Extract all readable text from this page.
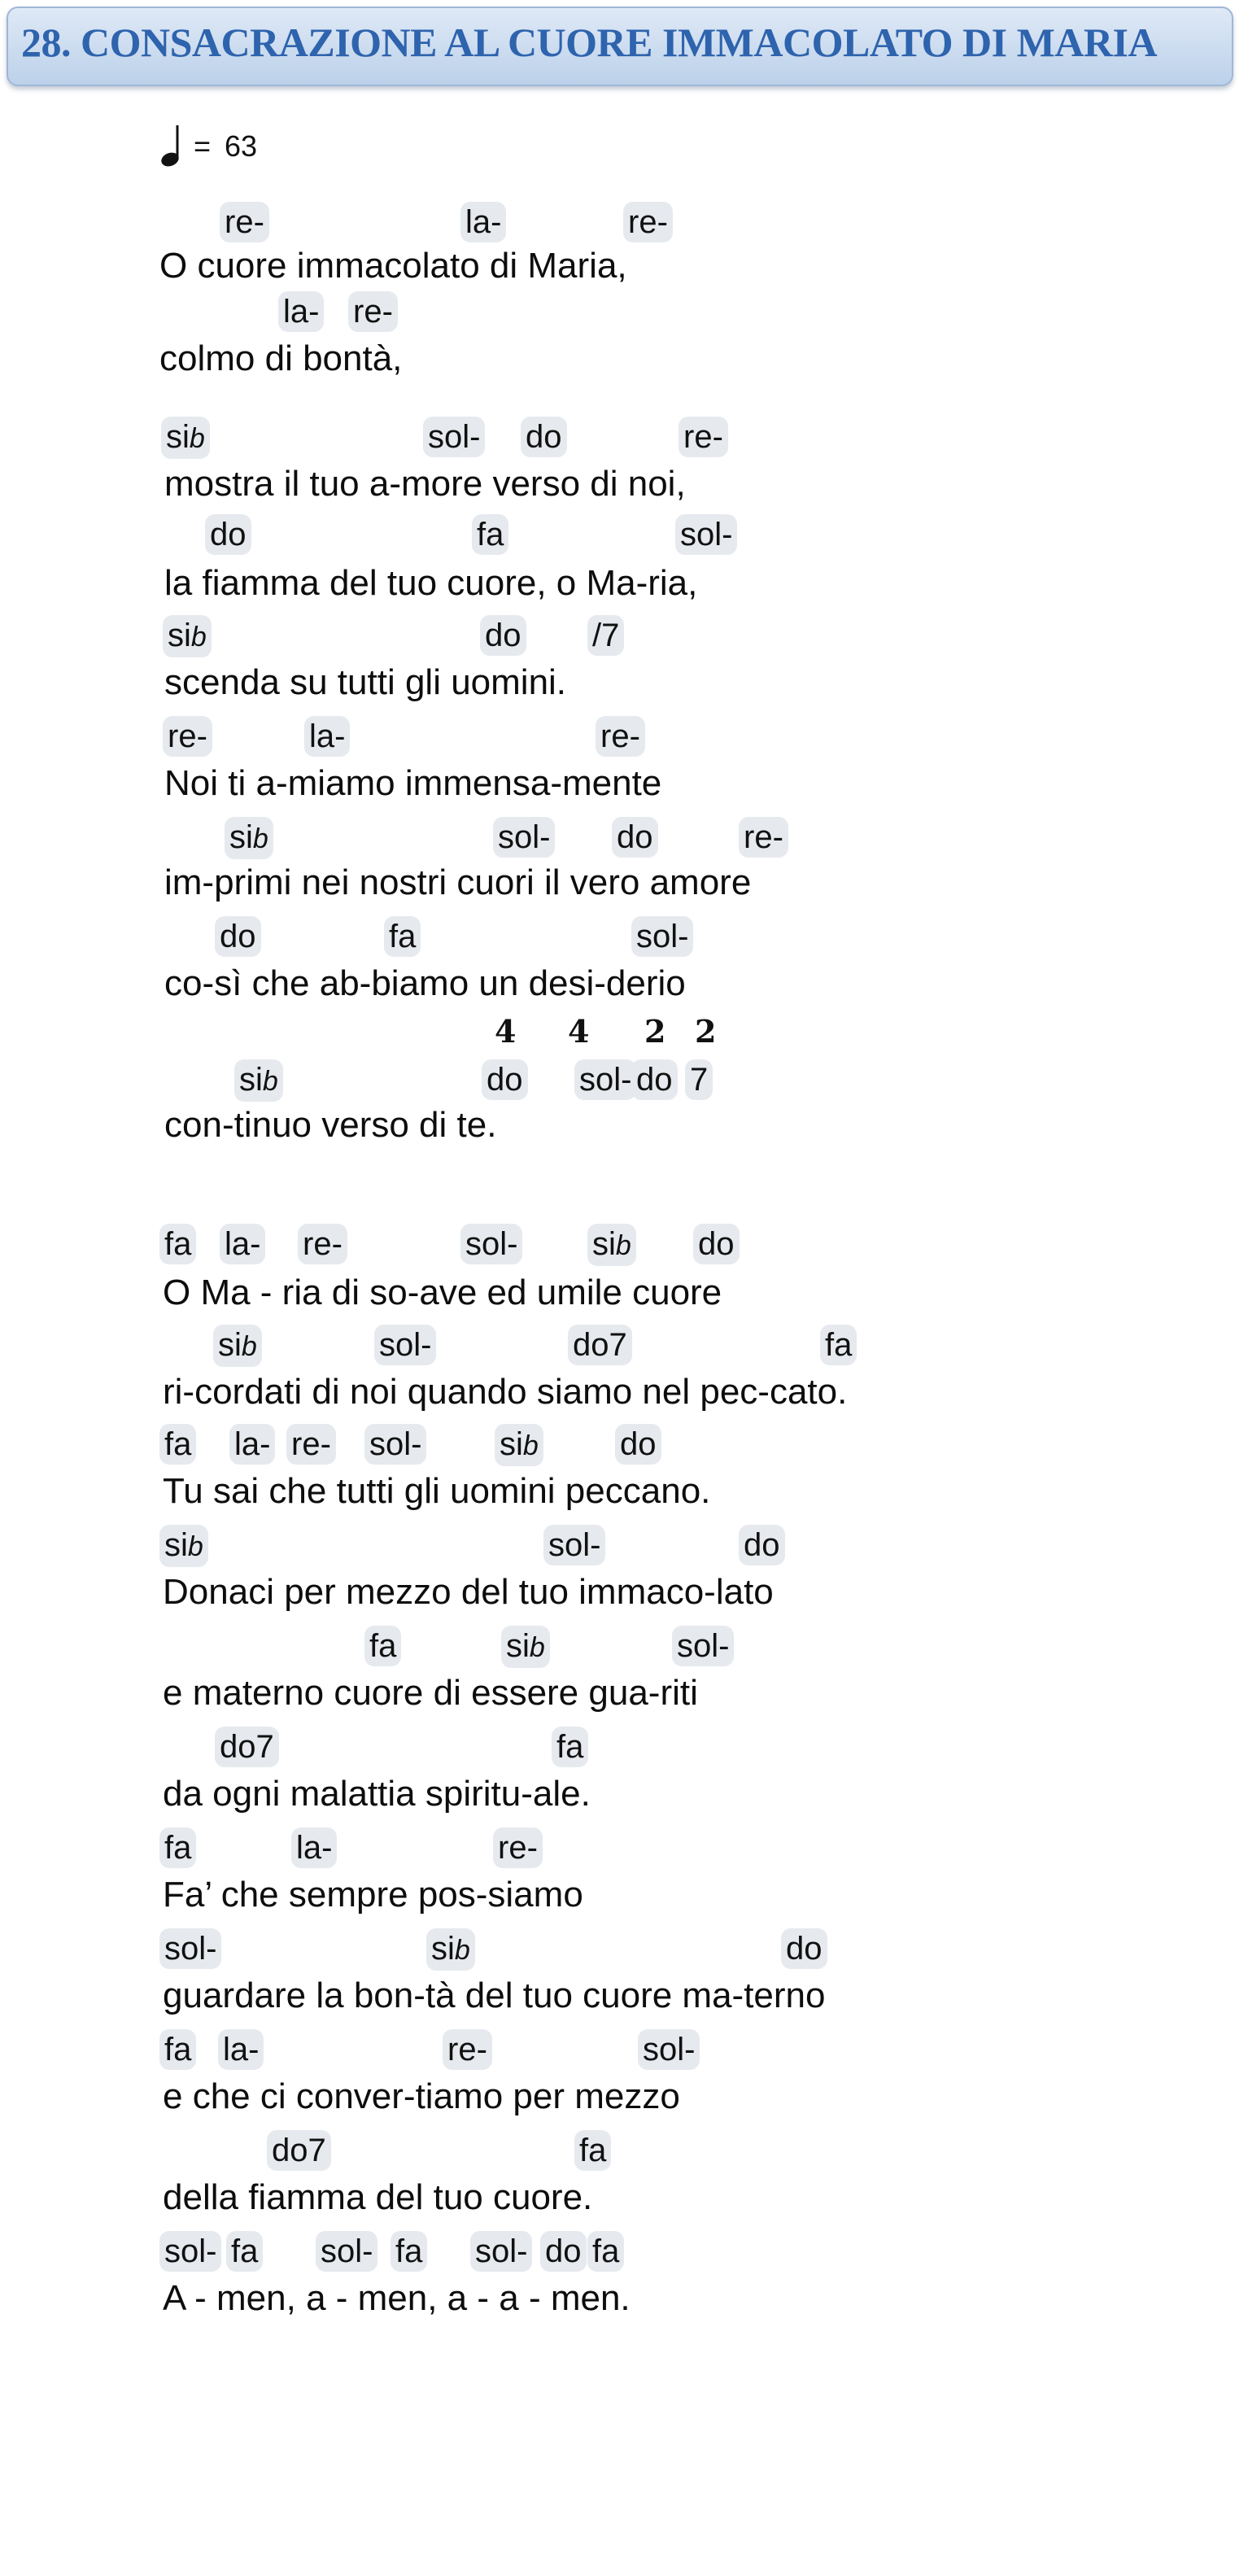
28. CONSACRAZIONE AL CUORE IMMACOLATO DI MARIA
= 63
O cuore immacolato di Maria,
re-	la-	re-
colmo di bontà,
la- re-
mostra il tuo a-more verso di noi,
sib	sol- do	re-
la fiamma del tuo cuore, o Ma-ria,
do	fa	sol-
scenda su tutti gli uomini.
sib	do /7
Noi ti a-miamo immensa-mente
re-	la-	re-
im-primi nei nostri cuori il vero amore
sib	sol- do	re-
co-sì che ab-biamo un desi-derio
do	fa	sol-
con-tinuo verso di te.
sib	do sol- do 7
O Ma - ria di so-ave ed umile cuore
fa la- re-	sol- sib do
ri-cordati di noi quando siamo nel pec-cato.
sib	sol-	do7	fa
Tu sai che tutti gli uomini peccano.
fa la- re- sol- sib	do
Donaci per mezzo del tuo immaco-lato
sib	sol-	do
e materno cuore di essere gua-riti
fa	sib	sol-
da ogni malattia spiritu-ale.
do7	fa
Fa’ che sempre pos-siamo
fa	la-	re-
guardare la bon-tà del tuo cuore ma-terno
sol-	sib	do
e che ci conver-tiamo per mezzo
fa la-	re-	sol-
della fiamma del tuo cuore.
do7	fa
A - men, a - men, a - a - men.
sol- fa sol- fa sol- do fa
4 4 2 2
